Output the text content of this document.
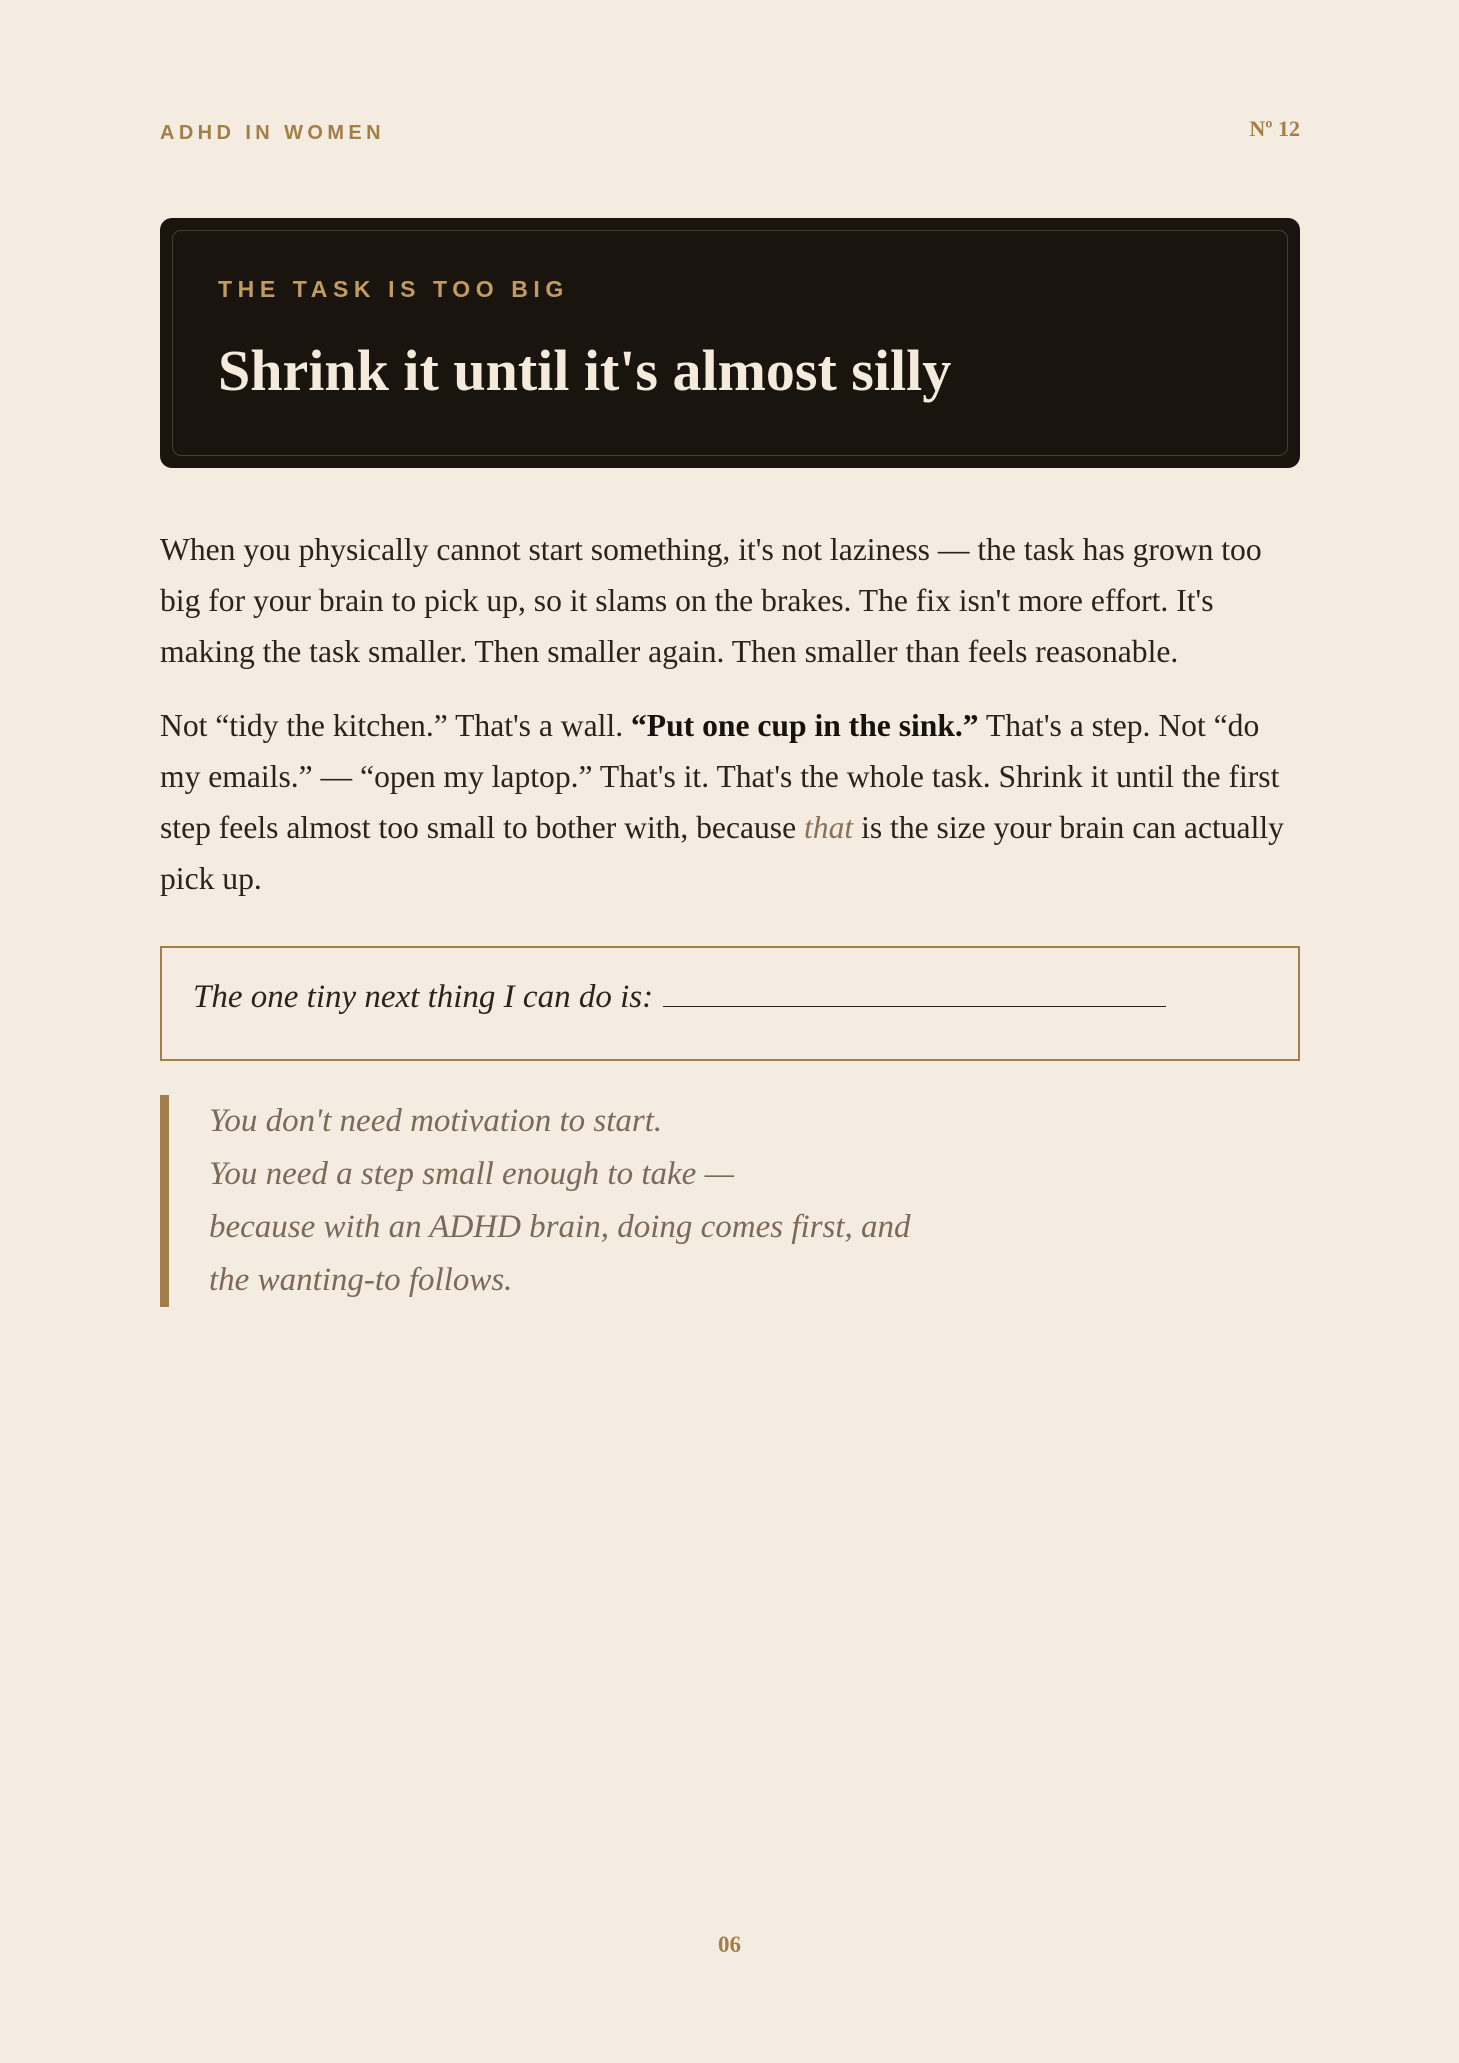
ADHD IN WOMEN	Nº 12
THE TASK IS TOO BIG
Shrink it until it's almost silly

When you physically cannot start something, it's not laziness — the task has grown too big for your brain to pick up, so it slams on the brakes. The fix isn't more effort. It's making the task smaller. Then smaller again. Then smaller than feels reasonable.

Not “tidy the kitchen.” That's a wall. “Put one cup in the sink.” That's a step. Not “do my emails.” — “open my laptop.” That's it. That's the whole task. Shrink it until the first step feels almost too small to bother with, because that is the size your brain can actually pick up.

The one tiny next thing I can do is:
You don't need motivation to start.
You need a step small enough to take —
because with an ADHD brain, doing comes first, and
the wanting-to follows.
06
